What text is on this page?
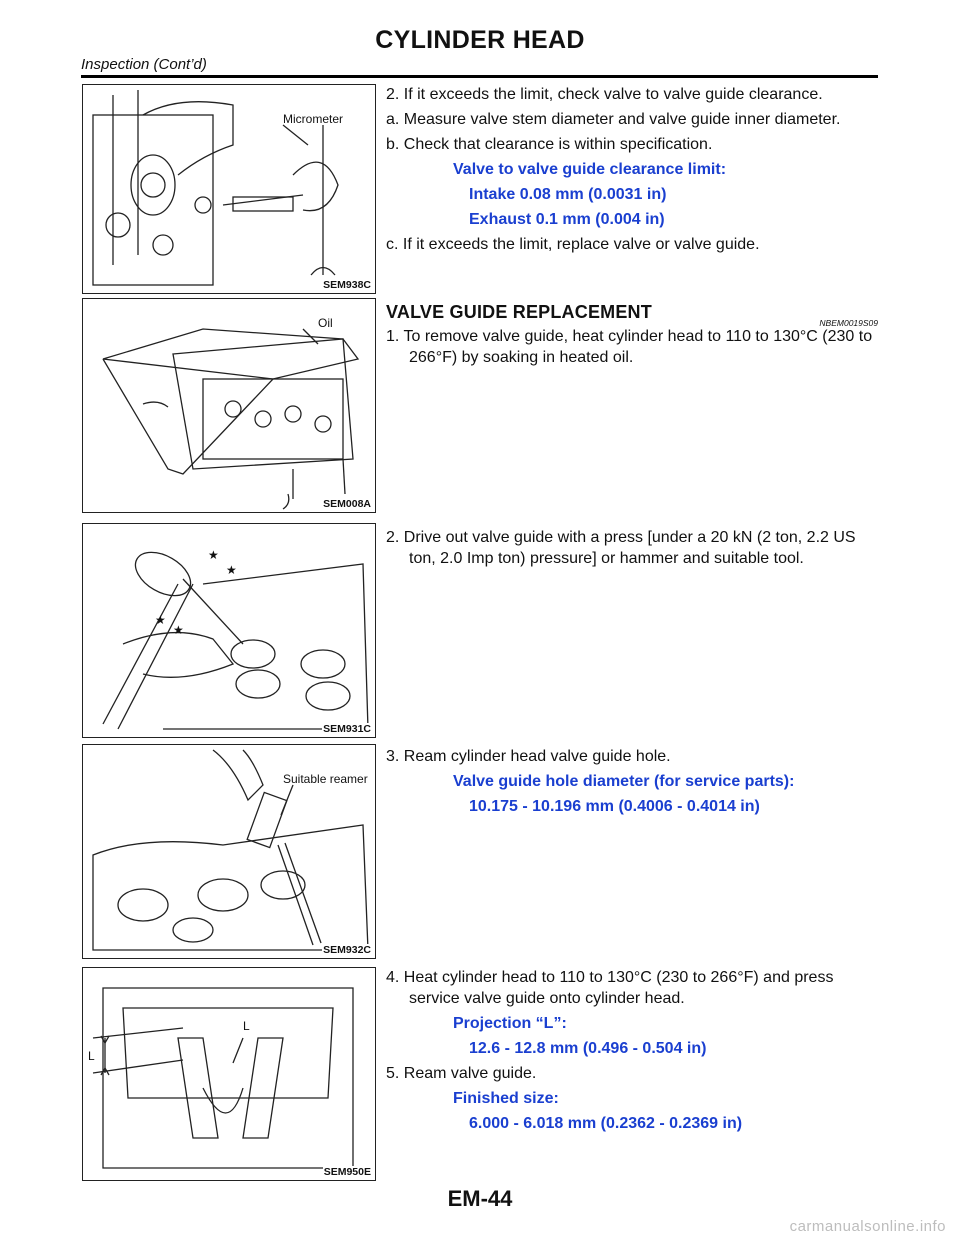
CYLINDER HEAD
Inspection (Cont’d)
Micrometer
SEM938C
Oil
SEM008A
★
★
★
★
SEM931C
Suitable reamer
SEM932C
L
L
SEM950E

2. If it exceeds the limit, check valve to valve guide clearance.

a. Measure valve stem diameter and valve guide inner diameter.

b. Check that clearance is within specification.

Valve to valve guide clearance limit:

Intake 0.08 mm (0.0031 in)

Exhaust 0.1 mm (0.004 in)

c. If it exceeds the limit, replace valve or valve guide.

VALVE GUIDE REPLACEMENT
NBEM0019S09

1. To remove valve guide, heat cylinder head to 110 to 130°C (230 to 266°F) by soaking in heated oil.

2. Drive out valve guide with a press [under a 20 kN (2 ton, 2.2 US ton, 2.0 Imp ton) pressure] or hammer and suitable tool.

3. Ream cylinder head valve guide hole.

Valve guide hole diameter (for service parts):

10.175 - 10.196 mm (0.4006 - 0.4014 in)

4. Heat cylinder head to 110 to 130°C (230 to 266°F) and press service valve guide onto cylinder head.

Projection “L”:

12.6 - 12.8 mm (0.496 - 0.504 in)

5. Ream valve guide.

Finished size:

6.000 - 6.018 mm (0.2362 - 0.2369 in)

EM-44
carmanualsonline.info
